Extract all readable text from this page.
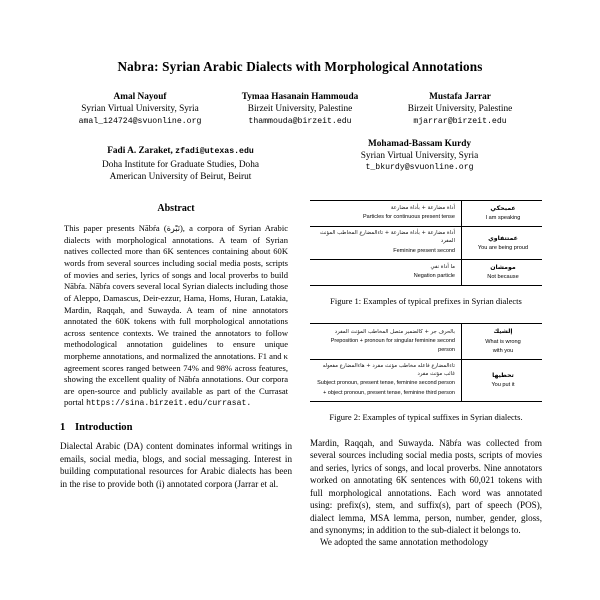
Nabra: Syrian Arabic Dialects with Morphological Annotations
Amal Nayouf
Syrian Virtual University, Syria
amal_124724@svuonline.org
Tymaa Hasanain Hammouda
Birzeit University, Palestine
thammouda@birzeit.edu
Mustafa Jarrar
Birzeit University, Palestine
mjarrar@birzeit.edu
Fadi A. Zaraket, zfadi@utexas.edu
Doha Institute for Graduate Studies, Doha
American University of Beirut, Beirut
Mohamad-Bassam Kurdy
Syrian Virtual University, Syria
t_bkurdy@svuonline.org
Abstract

This paper presents Nābŕa (نَبْرة), a corpora of Syrian Arabic dialects with morphological annotations. A team of Syrian natives collected more than 6K sentences containing about 60K words from several sources including social media posts, scripts of movies and series, lyrics of songs and local proverbs to build Nābŕa. Nābŕa covers several local Syrian dialects including those of Aleppo, Damascus, Deir-ezzur, Hama, Homs, Huran, Latakia, Mardin, Raqqah, and Suwayda. A team of nine annotators annotated the 60K tokens with full morphological annotations across sentence contexts. We trained the annotators to follow methodological annotation guidelines to ensure unique morpheme annotations, and normalized the annotations. F1 and κ agreement scores ranged between 74% and 98% across features, showing the excellent quality of Nābŕa annotations. Our corpora are open-source and publicly available as part of the Currasat portal https://sina.birzeit.edu/currasat.

1 Introduction

Dialectal Arabic (DA) content dominates informal writings in emails, social media, blogs, and social messaging. Interest in building computational resources for Arabic dialects has been in the rise to provide both (i) annotated corpora (Jarrar et al.

أداة مضارعة + بأداة مضارعة
Particles for continuous present tense	عمبحكي
I am speaking

أداة مضارعة + بأداة مضارعة + تاءالمضارع المخاطب المؤنث المفرد
Feminine present second	عمتتفاوي
You are being proud

ما أداة نفي
Negation particle	مومشان
Not because
Figure 1: Examples of typical prefixes in Syrian dialects
بالحرف جر + كالضمير متصل المخاطب المؤنث المفرد
Preposition + pronoun for singular feminine second person	إلشيك
What is wrong
with you

تاءالمضارع فاعله مخاطب مؤنث مفرد + هاءالمضارع مفعوله غائب مؤنث مفرد
Subject pronoun, present tense, feminine second person
+ object pronoun, present tense, feminine third person	تحطيها
You put it
Figure 2: Examples of typical suffixes in Syrian dialects.

Mardin, Raqqah, and Suwayda. Nābŕa was collected from several sources including social media posts, scripts of movies and series, lyrics of songs, and local proverbs. Nine annotators worked on annotating 6K sentences with 60,021 tokens with full morphological annotations. Each word was annotated using: prefix(s), stem, and suffix(s), part of speech (POS), dialect lemma, MSA lemma, person, number, gender, gloss, and synonyms; in addition to the sub-dialect it belongs to.

We adopted the same annotation methodology
